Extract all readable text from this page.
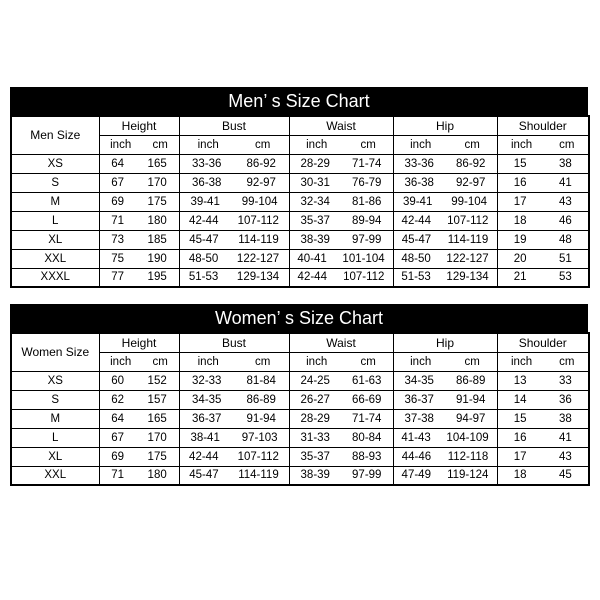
Men’ s Size Chart
Men Size	Height	Bust	Waist	Hip	Shoulder

	inch cm	inch cm	inch cm	inch cm	inch cm

XS	64 165	33-36 86-92	28-29 71-74	33-36 86-92	15 38

S	67 170	36-38 92-97	30-31 76-79	36-38 92-97	16 41

M	69 175	39-41 99-104	32-34 81-86	39-41 99-104	17 43

L	71 180	42-44 107-112	35-37 89-94	42-44 107-112	18 46

XL	73 185	45-47 114-119	38-39 97-99	45-47 114-119	19 48

XXL	75 190	48-50 122-127	40-41 101-104	48-50 122-127	20 51

XXXL	77 195	51-53 129-134	42-44 107-112	51-53 129-134	21 53
Women’ s Size Chart
Women Size	Height	Bust	Waist	Hip	Shoulder

	inch cm	inch cm	inch cm	inch cm	inch cm

XS	60 152	32-33 81-84	24-25 61-63	34-35 86-89	13 33

S	62 157	34-35 86-89	26-27 66-69	36-37 91-94	14 36

M	64 165	36-37 91-94	28-29 71-74	37-38 94-97	15 38

L	67 170	38-41 97-103	31-33 80-84	41-43 104-109	16 41

XL	69 175	42-44 107-112	35-37 88-93	44-46 112-118	17 43

XXL	71 180	45-47 114-119	38-39 97-99	47-49 119-124	18 45
